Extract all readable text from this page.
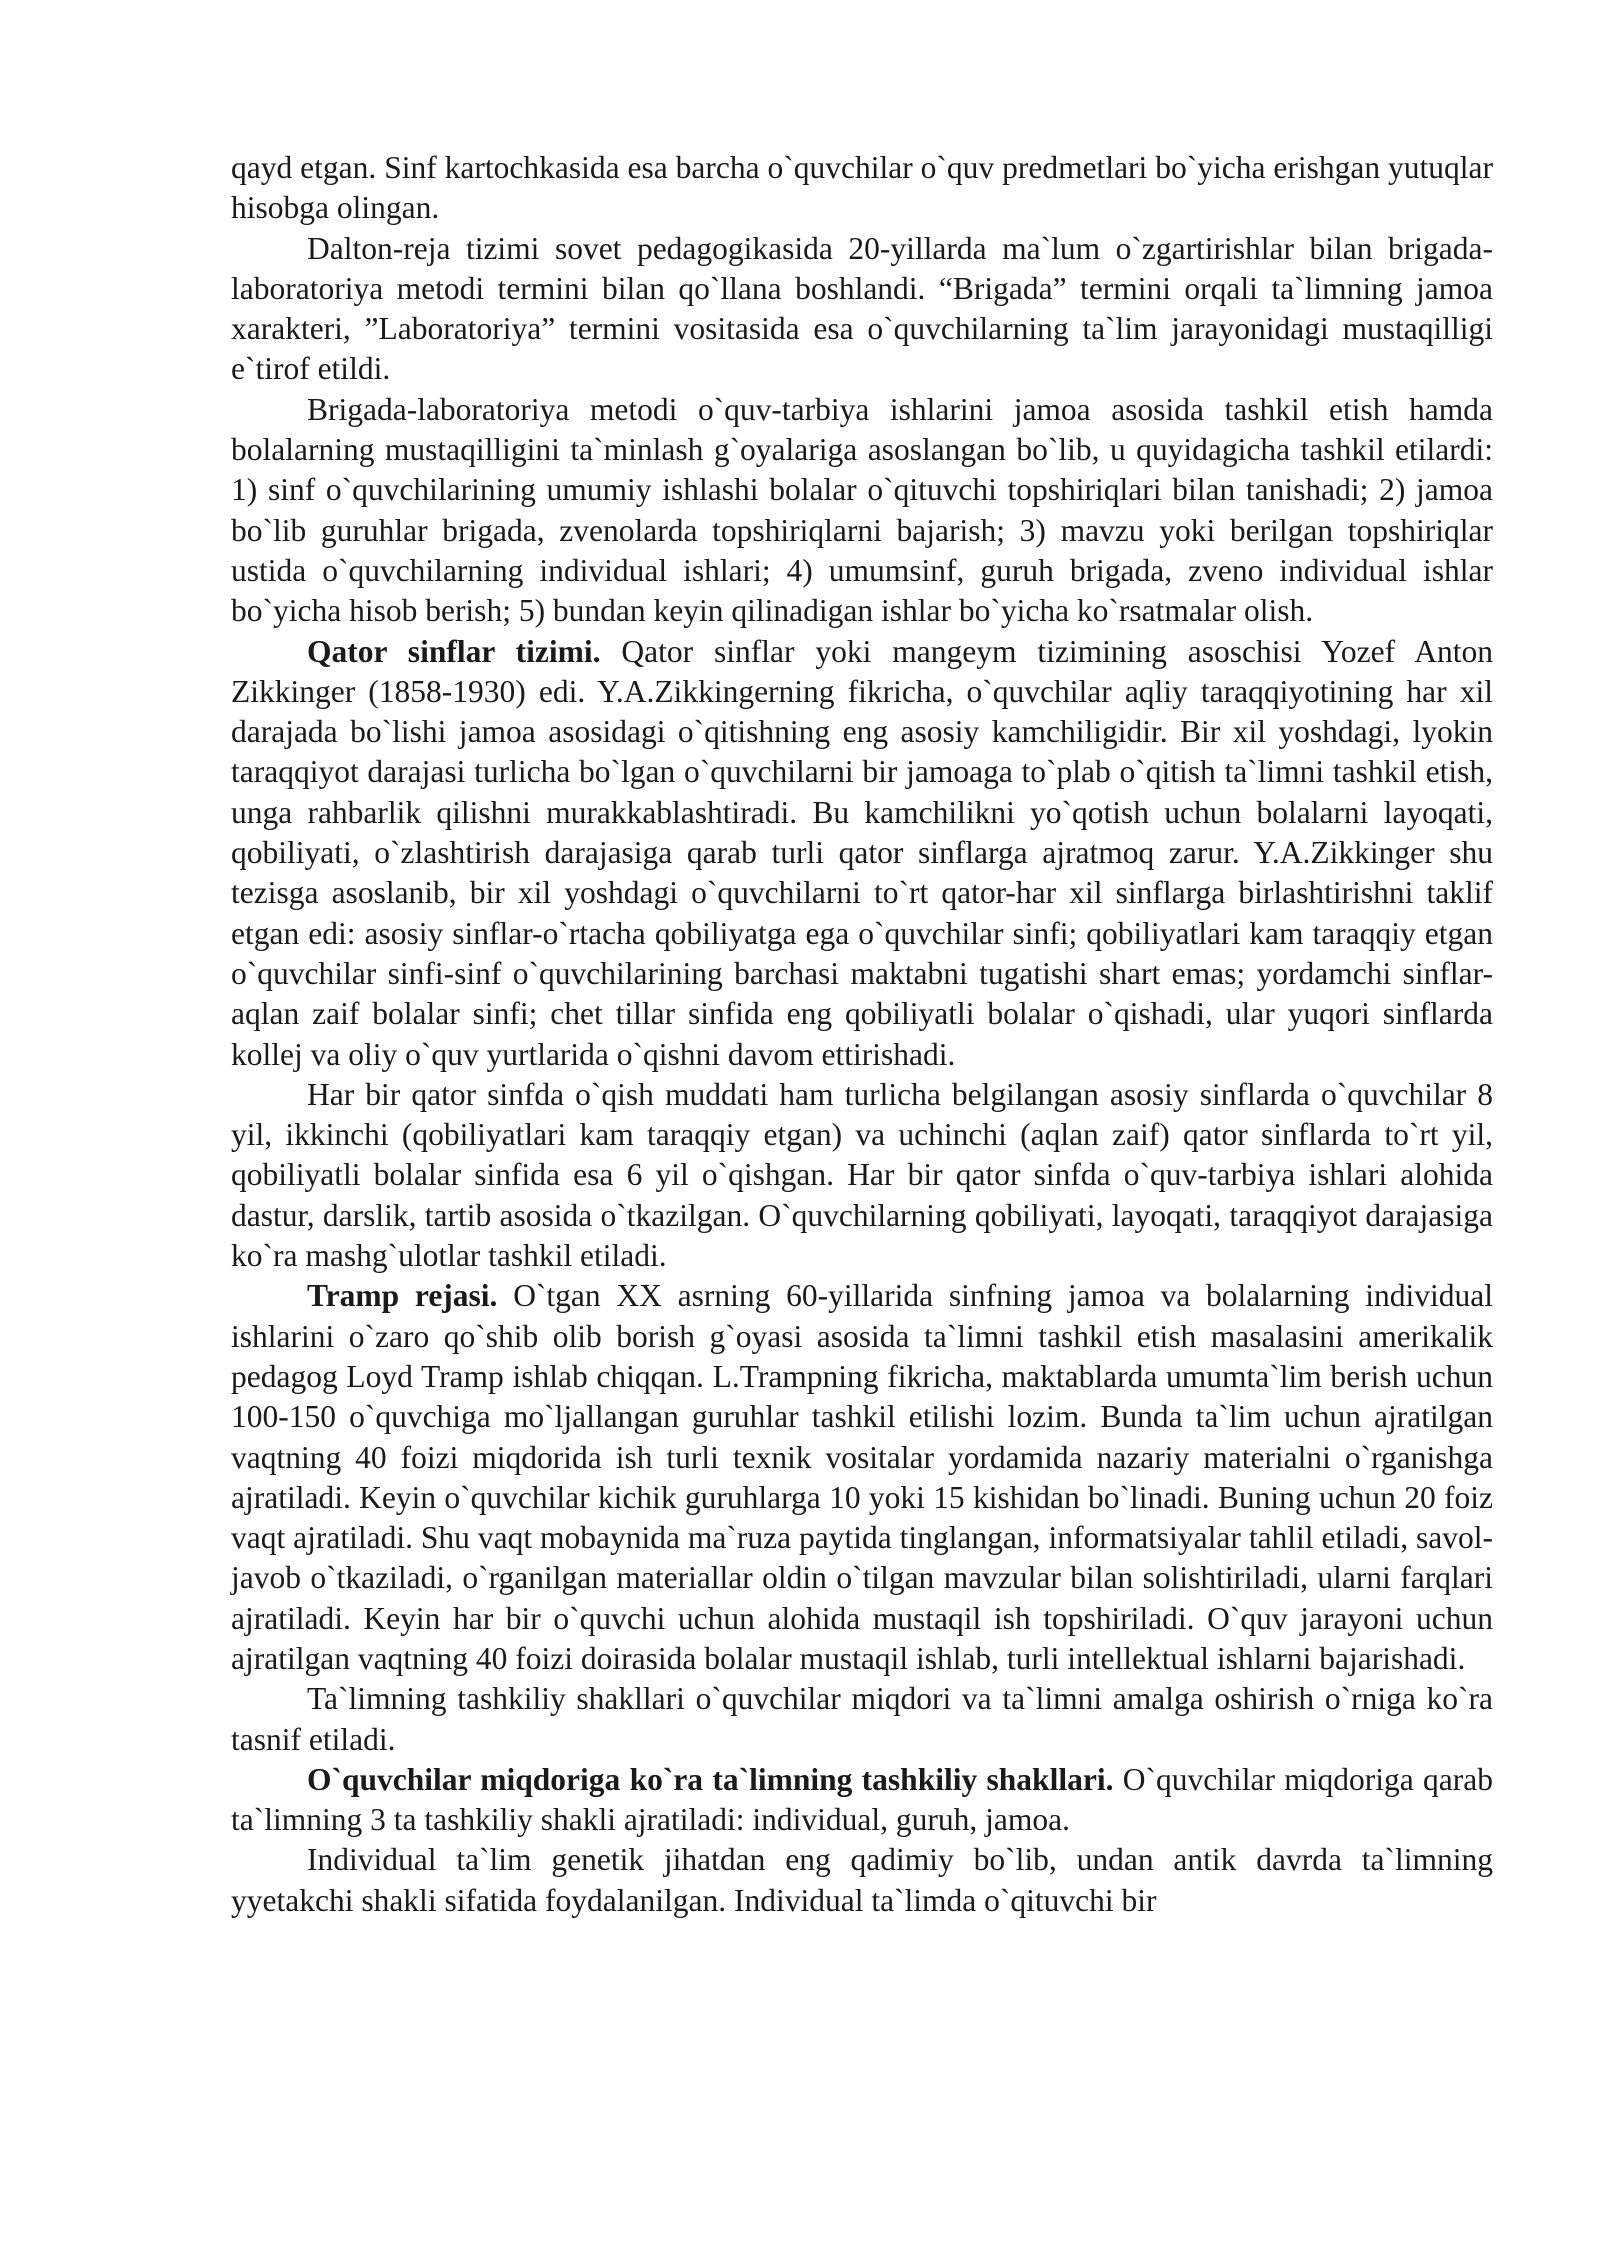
qayd etgan. Sinf kartochkasida esa barcha o`quvchilar o`quv predmetlari bo`yicha erishgan yutuqlar hisobga olingan.

Dalton-reja tizimi sovet pedagogikasida 20-yillarda ma`lum o`zgartirishlar bilan brigada-laboratoriya metodi termini bilan qo`llana boshlandi. “Brigada” termini orqali ta`limning jamoa xarakteri, ”Laboratoriya” termini vositasida esa o`quvchilarning ta`lim jarayonidagi mustaqilligi e`tirof etildi.

Brigada-laboratoriya metodi o`quv-tarbiya ishlarini jamoa asosida tashkil etish hamda bolalarning mustaqilligini ta`minlash g`oyalariga asoslangan bo`lib, u quyidagicha tashkil etilardi: 1) sinf o`quvchilarining umumiy ishlashi bolalar o`qituvchi topshiriqlari bilan tanishadi; 2) jamoa bo`lib guruhlar brigada, zvenolarda topshiriqlarni bajarish; 3) mavzu yoki berilgan topshiriqlar ustida o`quvchilarning individual ishlari; 4) umumsinf, guruh brigada, zveno individual ishlar bo`yicha hisob berish; 5) bundan keyin qilinadigan ishlar bo`yicha ko`rsatmalar olish.

Qator sinflar tizimi. Qator sinflar yoki mangeym tizimining asoschisi Yozef Anton Zikkinger (1858-1930) edi. Y.A.Zikkingerning fikricha, o`quvchilar aqliy taraqqiyotining har xil darajada bo`lishi jamoa asosidagi o`qitishning eng asosiy kamchiligidir. Bir xil yoshdagi, lyokin taraqqiyot darajasi turlicha bo`lgan o`quvchilarni bir jamoaga to`plab o`qitish ta`limni tashkil etish, unga rahbarlik qilishni murakkablashtiradi. Bu kamchilikni yo`qotish uchun bolalarni layoqati, qobiliyati, o`zlashtirish darajasiga qarab turli qator sinflarga ajratmoq zarur. Y.A.Zikkinger shu tezisga asoslanib, bir xil yoshdagi o`quvchilarni to`rt qator-har xil sinflarga birlashtirishni taklif etgan edi: asosiy sinflar-o`rtacha qobiliyatga ega o`quvchilar sinfi; qobiliyatlari kam taraqqiy etgan o`quvchilar sinfi-sinf o`quvchilarining barchasi maktabni tugatishi shart emas; yordamchi sinflar-aqlan zaif bolalar sinfi; chet tillar sinfida eng qobiliyatli bolalar o`qishadi, ular yuqori sinflarda kollej va oliy o`quv yurtlarida o`qishni davom ettirishadi.

Har bir qator sinfda o`qish muddati ham turlicha belgilangan asosiy sinflarda o`quvchilar 8 yil, ikkinchi (qobiliyatlari kam taraqqiy etgan) va uchinchi (aqlan zaif) qator sinflarda to`rt yil, qobiliyatli bolalar sinfida esa 6 yil o`qishgan. Har bir qator sinfda o`quv-tarbiya ishlari alohida dastur, darslik, tartib asosida o`tkazilgan. O`quvchilarning qobiliyati, layoqati, taraqqiyot darajasiga ko`ra mashg`ulotlar tashkil etiladi.

Tramp rejasi. O`tgan XX asrning 60-yillarida sinfning jamoa va bolalarning individual ishlarini o`zaro qo`shib olib borish g`oyasi asosida ta`limni tashkil etish masalasini amerikalik pedagog Loyd Tramp ishlab chiqqan. L.Trampning fikricha, maktablarda umumta`lim berish uchun 100-150 o`quvchiga mo`ljallangan guruhlar tashkil etilishi lozim. Bunda ta`lim uchun ajratilgan vaqtning 40 foizi miqdorida ish turli texnik vositalar yordamida nazariy materialni o`rganishga ajratiladi. Keyin o`quvchilar kichik guruhlarga 10 yoki 15 kishidan bo`linadi. Buning uchun 20 foiz vaqt ajratiladi. Shu vaqt mobaynida ma`ruza paytida tinglangan, informatsiyalar tahlil etiladi, savol-javob o`tkaziladi, o`rganilgan materiallar oldin o`tilgan mavzular bilan solishtiriladi, ularni farqlari ajratiladi. Keyin har bir o`quvchi uchun alohida mustaqil ish topshiriladi. O`quv jarayoni uchun ajratilgan vaqtning 40 foizi doirasida bolalar mustaqil ishlab, turli intellektual ishlarni bajarishadi.

Ta`limning tashkiliy shakllari o`quvchilar miqdori va ta`limni amalga oshirish o`rniga ko`ra tasnif etiladi.

O`quvchilar miqdoriga ko`ra ta`limning tashkiliy shakllari. O`quvchilar miqdoriga qarab ta`limning 3 ta tashkiliy shakli ajratiladi: individual, guruh, jamoa.

Individual ta`lim genetik jihatdan eng qadimiy bo`lib, undan antik davrda ta`limning yyetakchi shakli sifatida foydalanilgan. Individual ta`limda o`qituvchi bir
